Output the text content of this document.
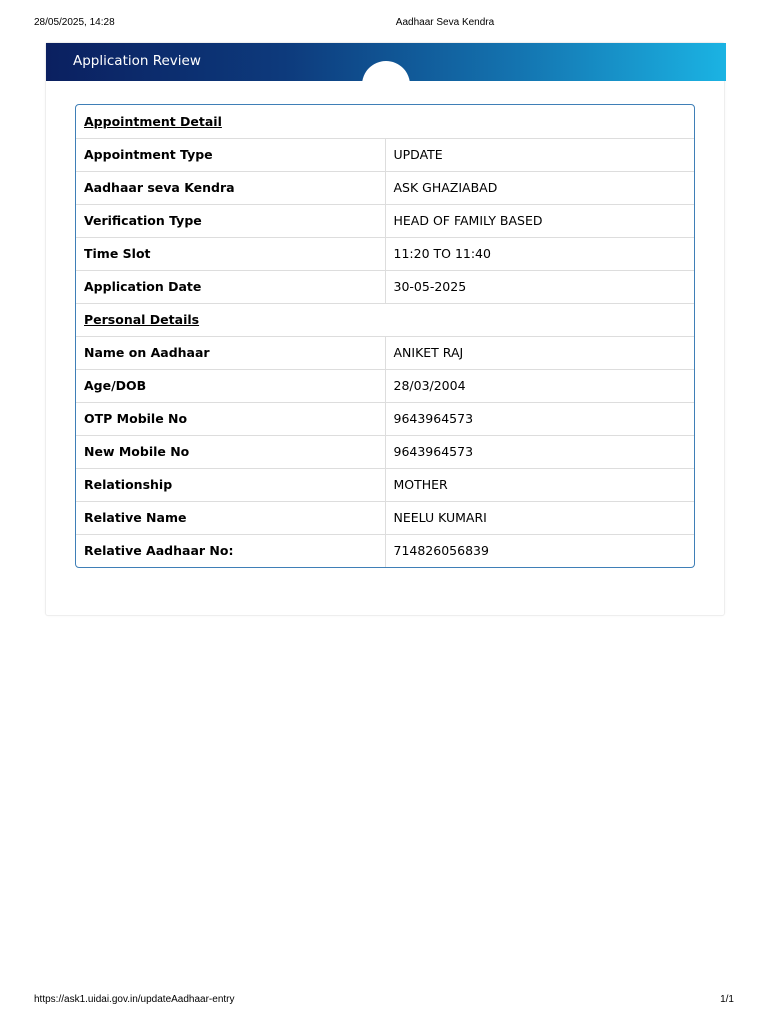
28/05/2025, 14:28	Aadhaar Seva Kendra
Application Review
Appointment Detail	
Appointment Type	UPDATE
Aadhaar seva Kendra	ASK GHAZIABAD
Verification Type	HEAD OF FAMILY BASED
Time Slot	11:20 TO 11:40
Application Date	30-05-2025
Personal Details	
Name on Aadhaar	ANIKET RAJ
Age/DOB	28/03/2004
OTP Mobile No	9643964573
New Mobile No	9643964573
Relationship	MOTHER
Relative Name	NEELU KUMARI
Relative Aadhaar No:	714826056839
https://ask1.uidai.gov.in/updateAadhaar-entry	1/1
